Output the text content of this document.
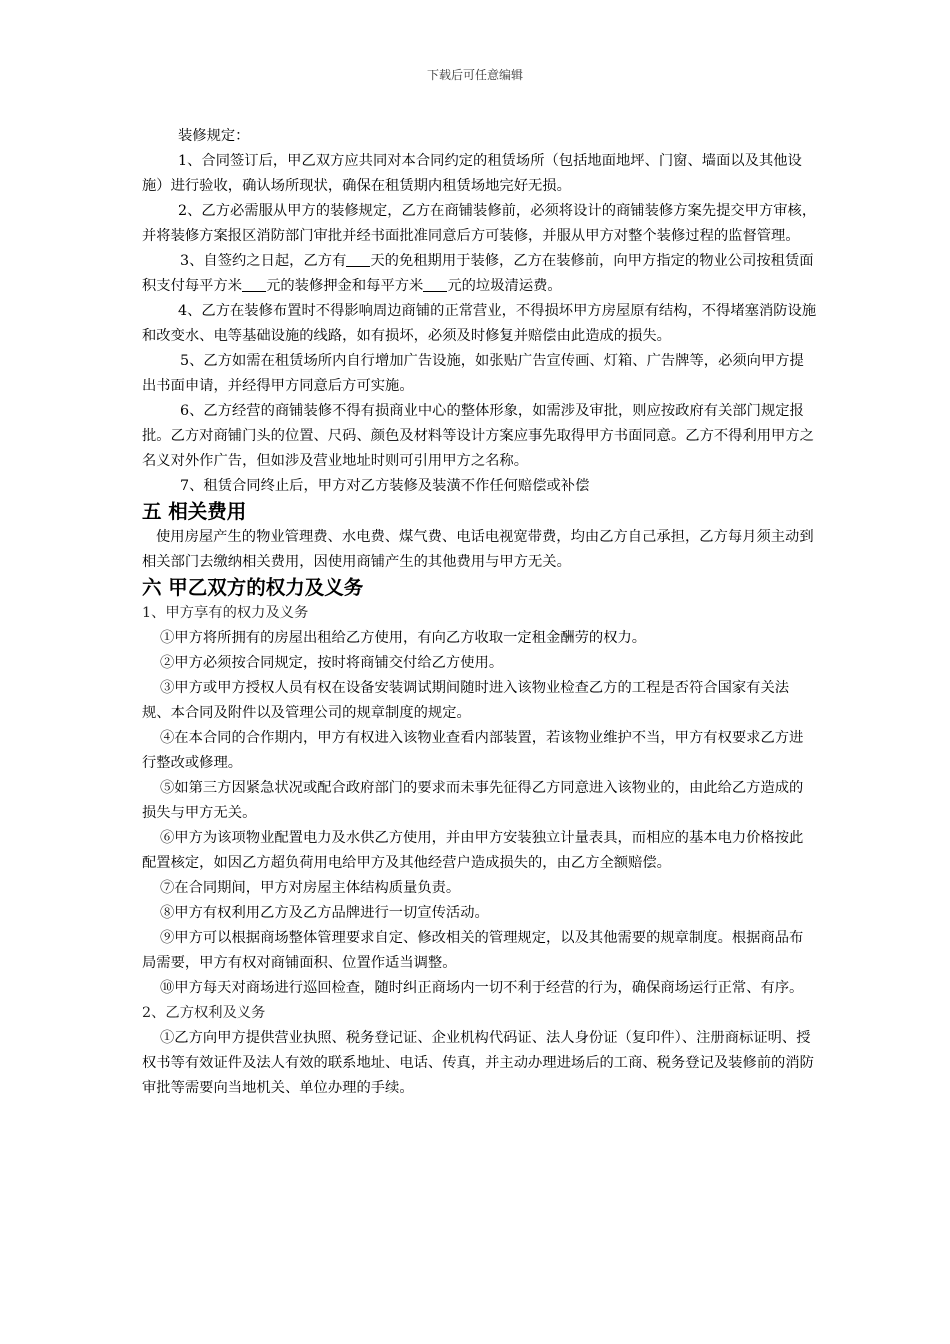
下载后可任意编辑

装修规定：

1、合同签订后，甲乙双方应共同对本合同约定的租赁场所（包括地面地坪、门窗、墙面以及其他设施）进行验收，确认场所现状，确保在租赁期内租赁场地完好无损。

2、乙方必需服从甲方的装修规定，乙方在商铺装修前，必须将设计的商铺装修方案先提交甲方审核，并将装修方案报区消防部门审批并经书面批准同意后方可装修，并服从甲方对整个装修过程的监督管理。

3、自签约之日起，乙方有 天的免租期用于装修，乙方在装修前，向甲方指定的物业公司按租赁面积支付每平方米 元的装修押金和每平方米 元的垃圾清运费。

4、乙方在装修布置时不得影响周边商铺的正常营业，不得损坏甲方房屋原有结构，不得堵塞消防设施和改变水、电等基础设施的线路，如有损坏，必须及时修复并赔偿由此造成的损失。

5、乙方如需在租赁场所内自行增加广告设施，如张贴广告宣传画、灯箱、广告牌等，必须向甲方提出书面申请，并经得甲方同意后方可实施。

6、乙方经营的商铺装修不得有损商业中心的整体形象，如需涉及审批，则应按政府有关部门规定报批。乙方对商铺门头的位置、尺码、颜色及材料等设计方案应事先取得甲方书面同意。乙方不得利用甲方之名义对外作广告，但如涉及营业地址时则可引用甲方之名称。

7、租赁合同终止后，甲方对乙方装修及装潢不作任何赔偿或补偿

五 相关费用

使用房屋产生的物业管理费、水电费、煤气费、电话电视宽带费，均由乙方自己承担，乙方每月须主动到相关部门去缴纳相关费用，因使用商铺产生的其他费用与甲方无关。

六 甲乙双方的权力及义务

1、甲方享有的权力及义务

①甲方将所拥有的房屋出租给乙方使用，有向乙方收取一定租金酬劳的权力。

②甲方必须按合同规定，按时将商铺交付给乙方使用。

③甲方或甲方授权人员有权在设备安装调试期间随时进入该物业检查乙方的工程是否符合国家有关法规、本合同及附件以及管理公司的规章制度的规定。

④在本合同的合作期内，甲方有权进入该物业查看内部装置，若该物业维护不当，甲方有权要求乙方进行整改或修理。

⑤如第三方因紧急状况或配合政府部门的要求而未事先征得乙方同意进入该物业的，由此给乙方造成的损失与甲方无关。

⑥甲方为该项物业配置电力及水供乙方使用，并由甲方安装独立计量表具，而相应的基本电力价格按此配置核定，如因乙方超负荷用电给甲方及其他经营户造成损失的，由乙方全额赔偿。

⑦在合同期间，甲方对房屋主体结构质量负责。

⑧甲方有权利用乙方及乙方品牌进行一切宣传活动。

⑨甲方可以根据商场整体管理要求自定、修改相关的管理规定，以及其他需要的规章制度。根据商品布局需要，甲方有权对商铺面积、位置作适当调整。

⑩甲方每天对商场进行巡回检查，随时纠正商场内一切不利于经营的行为，确保商场运行正常、有序。

2、乙方权利及义务

①乙方向甲方提供营业执照、税务登记证、企业机构代码证、法人身份证（复印件）、注册商标证明、授权书等有效证件及法人有效的联系地址、电话、传真，并主动办理进场后的工商、税务登记及装修前的消防审批等需要向当地机关、单位办理的手续。
